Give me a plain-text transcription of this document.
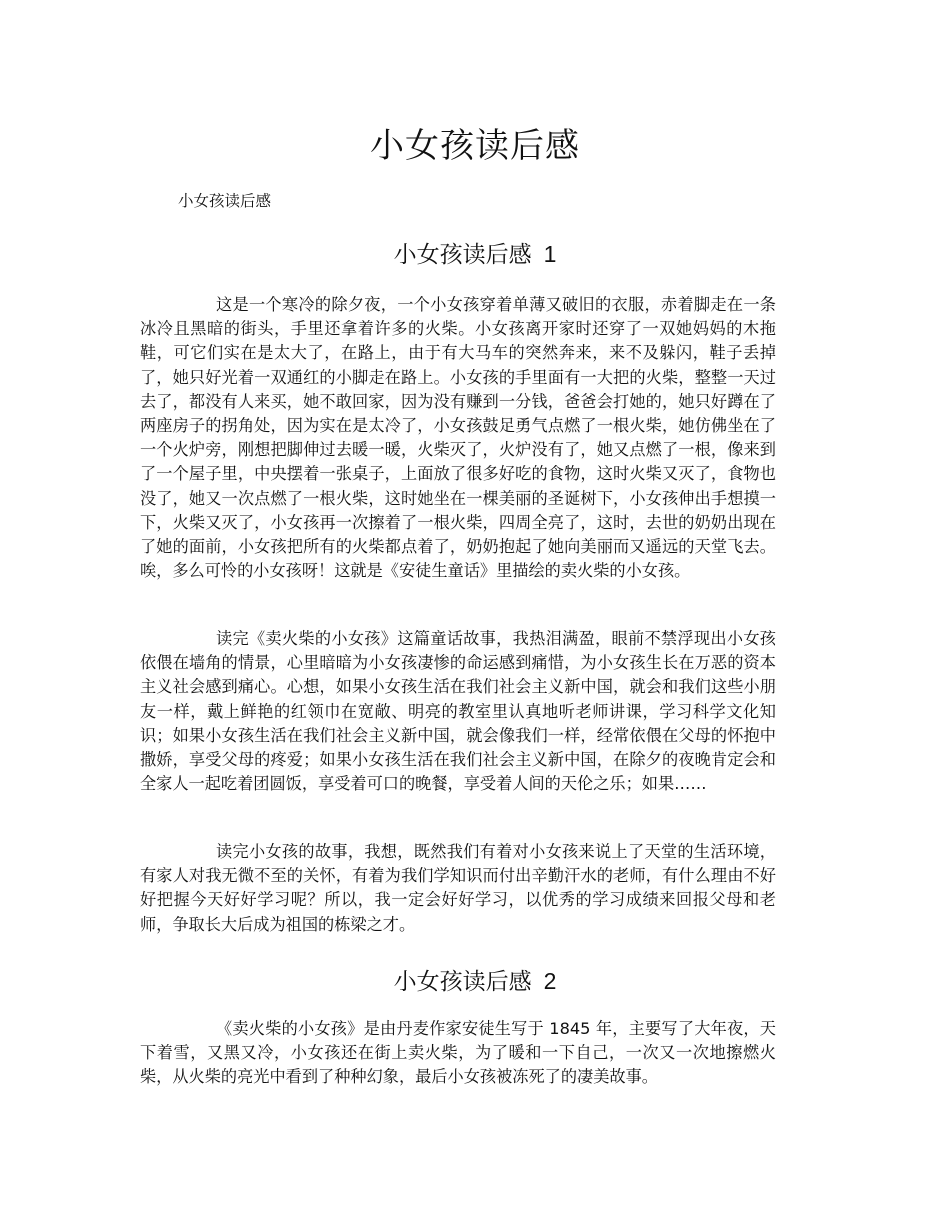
小女孩读后感

小女孩读后感

小女孩读后感 1

这是一个寒冷的除夕夜，一个小女孩穿着单薄又破旧的衣服，赤着脚走在一条冰冷且黑暗的街头，手里还拿着许多的火柴。小女孩离开家时还穿了一双她妈妈的木拖鞋，可它们实在是太大了，在路上，由于有大马车的突然奔来，来不及躲闪，鞋子丢掉了，她只好光着一双通红的小脚走在路上。小女孩的手里面有一大把的火柴，整整一天过去了，都没有人来买，她不敢回家，因为没有赚到一分钱，爸爸会打她的，她只好蹲在了两座房子的拐角处，因为实在是太冷了，小女孩鼓足勇气点燃了一根火柴，她仿佛坐在了一个火炉旁，刚想把脚伸过去暖一暖，火柴灭了，火炉没有了，她又点燃了一根，像来到了一个屋子里，中央摆着一张桌子，上面放了很多好吃的食物，这时火柴又灭了，食物也没了，她又一次点燃了一根火柴，这时她坐在一棵美丽的圣诞树下，小女孩伸出手想摸一下，火柴又灭了，小女孩再一次擦着了一根火柴，四周全亮了，这时，去世的奶奶出现在了她的面前，小女孩把所有的火柴都点着了，奶奶抱起了她向美丽而又遥远的天堂飞去。唉，多么可怜的小女孩呀！这就是《安徒生童话》里描绘的卖火柴的小女孩。

读完《卖火柴的小女孩》这篇童话故事，我热泪满盈，眼前不禁浮现出小女孩依偎在墙角的情景，心里暗暗为小女孩凄惨的命运感到痛惜，为小女孩生长在万恶的资本主义社会感到痛心。心想，如果小女孩生活在我们社会主义新中国，就会和我们这些小朋友一样，戴上鲜艳的红领巾在宽敞、明亮的教室里认真地听老师讲课，学习科学文化知识；如果小女孩生活在我们社会主义新中国，就会像我们一样，经常依偎在父母的怀抱中撒娇，享受父母的疼爱；如果小女孩生活在我们社会主义新中国，在除夕的夜晚肯定会和全家人一起吃着团圆饭，享受着可口的晚餐，享受着人间的天伦之乐；如果……

读完小女孩的故事，我想，既然我们有着对小女孩来说上了天堂的生活环境，有家人对我无微不至的关怀，有着为我们学知识而付出辛勤汗水的老师，有什么理由不好好把握今天好好学习呢？所以，我一定会好好学习，以优秀的学习成绩来回报父母和老师，争取长大后成为祖国的栋梁之才。

小女孩读后感 2

《卖火柴的小女孩》是由丹麦作家安徒生写于 1845 年，主要写了大年夜，天下着雪，又黑又冷，小女孩还在街上卖火柴，为了暖和一下自己，一次又一次地擦燃火柴，从火柴的亮光中看到了种种幻象，最后小女孩被冻死了的凄美故事。
